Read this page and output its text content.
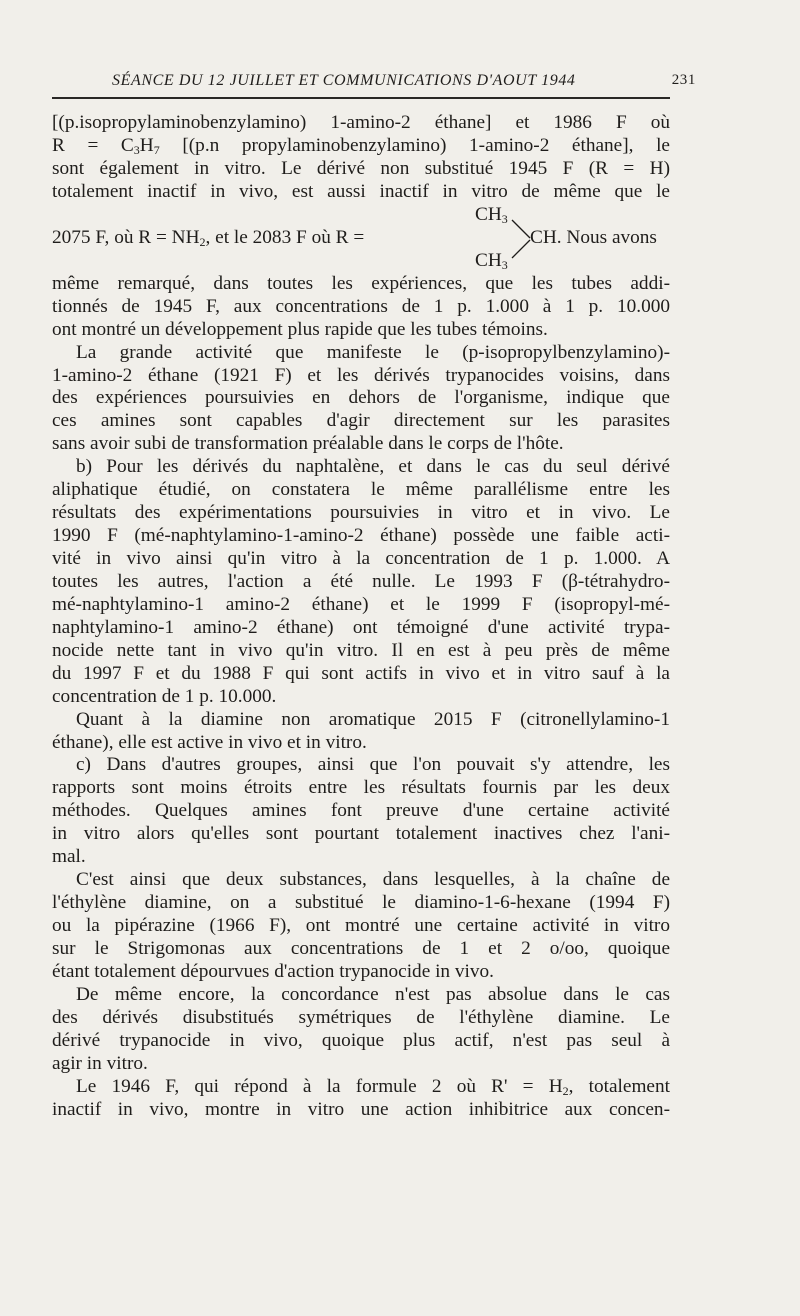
SÉANCE DU 12 JUILLET ET COMMUNICATIONS D'AOUT 1944	231
[(p.isopropylaminobenzylamino) 1-amino-2 éthane] et 1986 F où
$R = C_3H_7$ [(p.n propylaminobenzylamino) 1-amino-2 éthane], le
sont également in vitro. Le dérivé non substitué 1945 F (R = H)
totalement inactif in vivo, est aussi inactif in vitro de même que le
2075 F, où $R = NH_2$, et le 2083 F où R =
$CH_3$
CH. Nous avons
$CH_3$
même remarqué, dans toutes les expériences, que les tubes addi-
tionnés de 1945 F, aux concentrations de 1 p. 1.000 à 1 p. 10.000
ont montré un développement plus rapide que les tubes témoins.
La grande activité que manifeste le (p-isopropylbenzylamino)-
1-amino-2 éthane (1921 F) et les dérivés trypanocides voisins, dans
des expériences poursuivies en dehors de l'organisme, indique que
ces amines sont capables d'agir directement sur les parasites
sans avoir subi de transformation préalable dans le corps de l'hôte.
b) Pour les dérivés du naphtalène, et dans le cas du seul dérivé
aliphatique étudié, on constatera le même parallélisme entre les
résultats des expérimentations poursuivies in vitro et in vivo. Le
1990 F (mé-naphtylamino-1-amino-2 éthane) possède une faible acti-
vité in vivo ainsi qu'in vitro à la concentration de 1 p. 1.000. A
toutes les autres, l'action a été nulle. Le 1993 F (β-tétrahydro-
mé-naphtylamino-1 amino-2 éthane) et le 1999 F (isopropyl-mé-
naphtylamino-1 amino-2 éthane) ont témoigné d'une activité trypa-
nocide nette tant in vivo qu'in vitro. Il en est à peu près de même
du 1997 F et du 1988 F qui sont actifs in vivo et in vitro sauf à la
concentration de 1 p. 10.000.
Quant à la diamine non aromatique 2015 F (citronellylamino-1
éthane), elle est active in vivo et in vitro.
c) Dans d'autres groupes, ainsi que l'on pouvait s'y attendre, les
rapports sont moins étroits entre les résultats fournis par les deux
méthodes. Quelques amines font preuve d'une certaine activité
in vitro alors qu'elles sont pourtant totalement inactives chez l'ani-
mal.
C'est ainsi que deux substances, dans lesquelles, à la chaîne de
l'éthylène diamine, on a substitué le diamino-1-6-hexane (1994 F)
ou la pipérazine (1966 F), ont montré une certaine activité in vitro
sur le Strigomonas aux concentrations de 1 et 2 o/oo, quoique
étant totalement dépourvues d'action trypanocide in vivo.
De même encore, la concordance n'est pas absolue dans le cas
des dérivés disubstitués symétriques de l'éthylène diamine. Le
dérivé trypanocide in vivo, quoique plus actif, n'est pas seul à
agir in vitro.
Le 1946 F, qui répond à la formule 2 où $R' = H_2$, totalement
inactif in vivo, montre in vitro une action inhibitrice aux concen-
